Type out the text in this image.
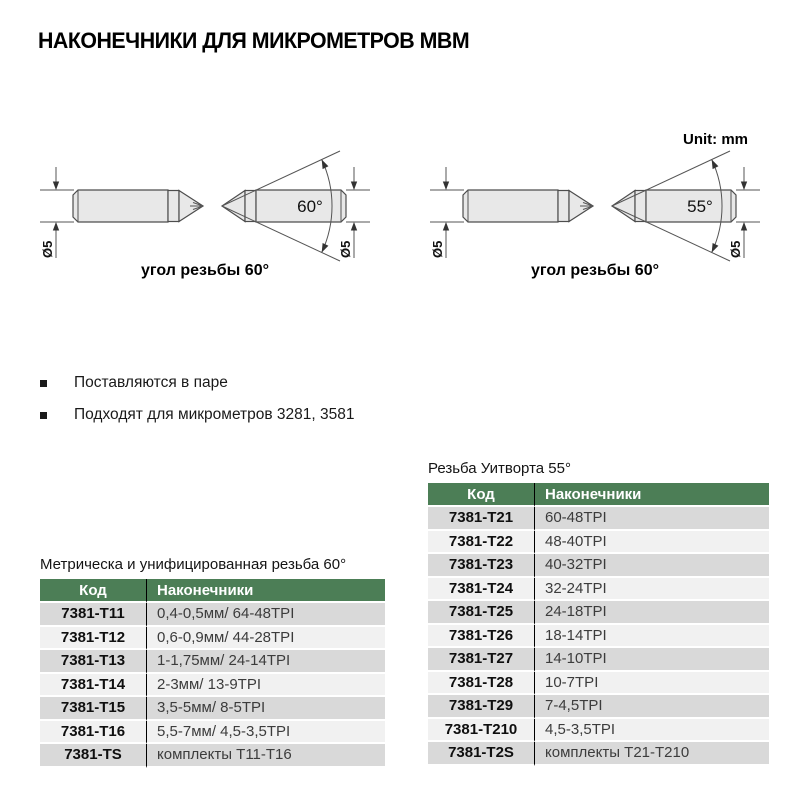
НАКОНЕЧНИКИ ДЛЯ МИКРОМЕТРОВ МВМ
Ø5	Ø5
60°
Ø5	Ø5
55°
Unit: mm
угол резьбы 60°	угол резьбы 60°
Поставляются в паре
Подходят для микрометров 3281, 3581
Метрическа и унифицированная резьба 60°
Код	Наконечники
7381-T11	0,4-0,5мм/ 64-48TPI
7381-T12	0,6-0,9мм/ 44-28TPI
7381-T13	1-1,75мм/ 24-14TPI
7381-T14	2-3мм/ 13-9TPI
7381-T15	3,5-5мм/ 8-5TPI
7381-T16	5,5-7мм/ 4,5-3,5TPI
7381-TS	комплекты Т11-Т16
Резьба Уитворта 55°
Код	Наконечники
7381-T21	60-48TPI
7381-T22	48-40TPI
7381-T23	40-32TPI
7381-T24	32-24TPI
7381-T25	24-18TPI
7381-T26	18-14TPI
7381-T27	14-10TPI
7381-T28	10-7TPI
7381-T29	7-4,5TPI
7381-T210	4,5-3,5TPI
7381-T2S	комплекты Т21-Т210
